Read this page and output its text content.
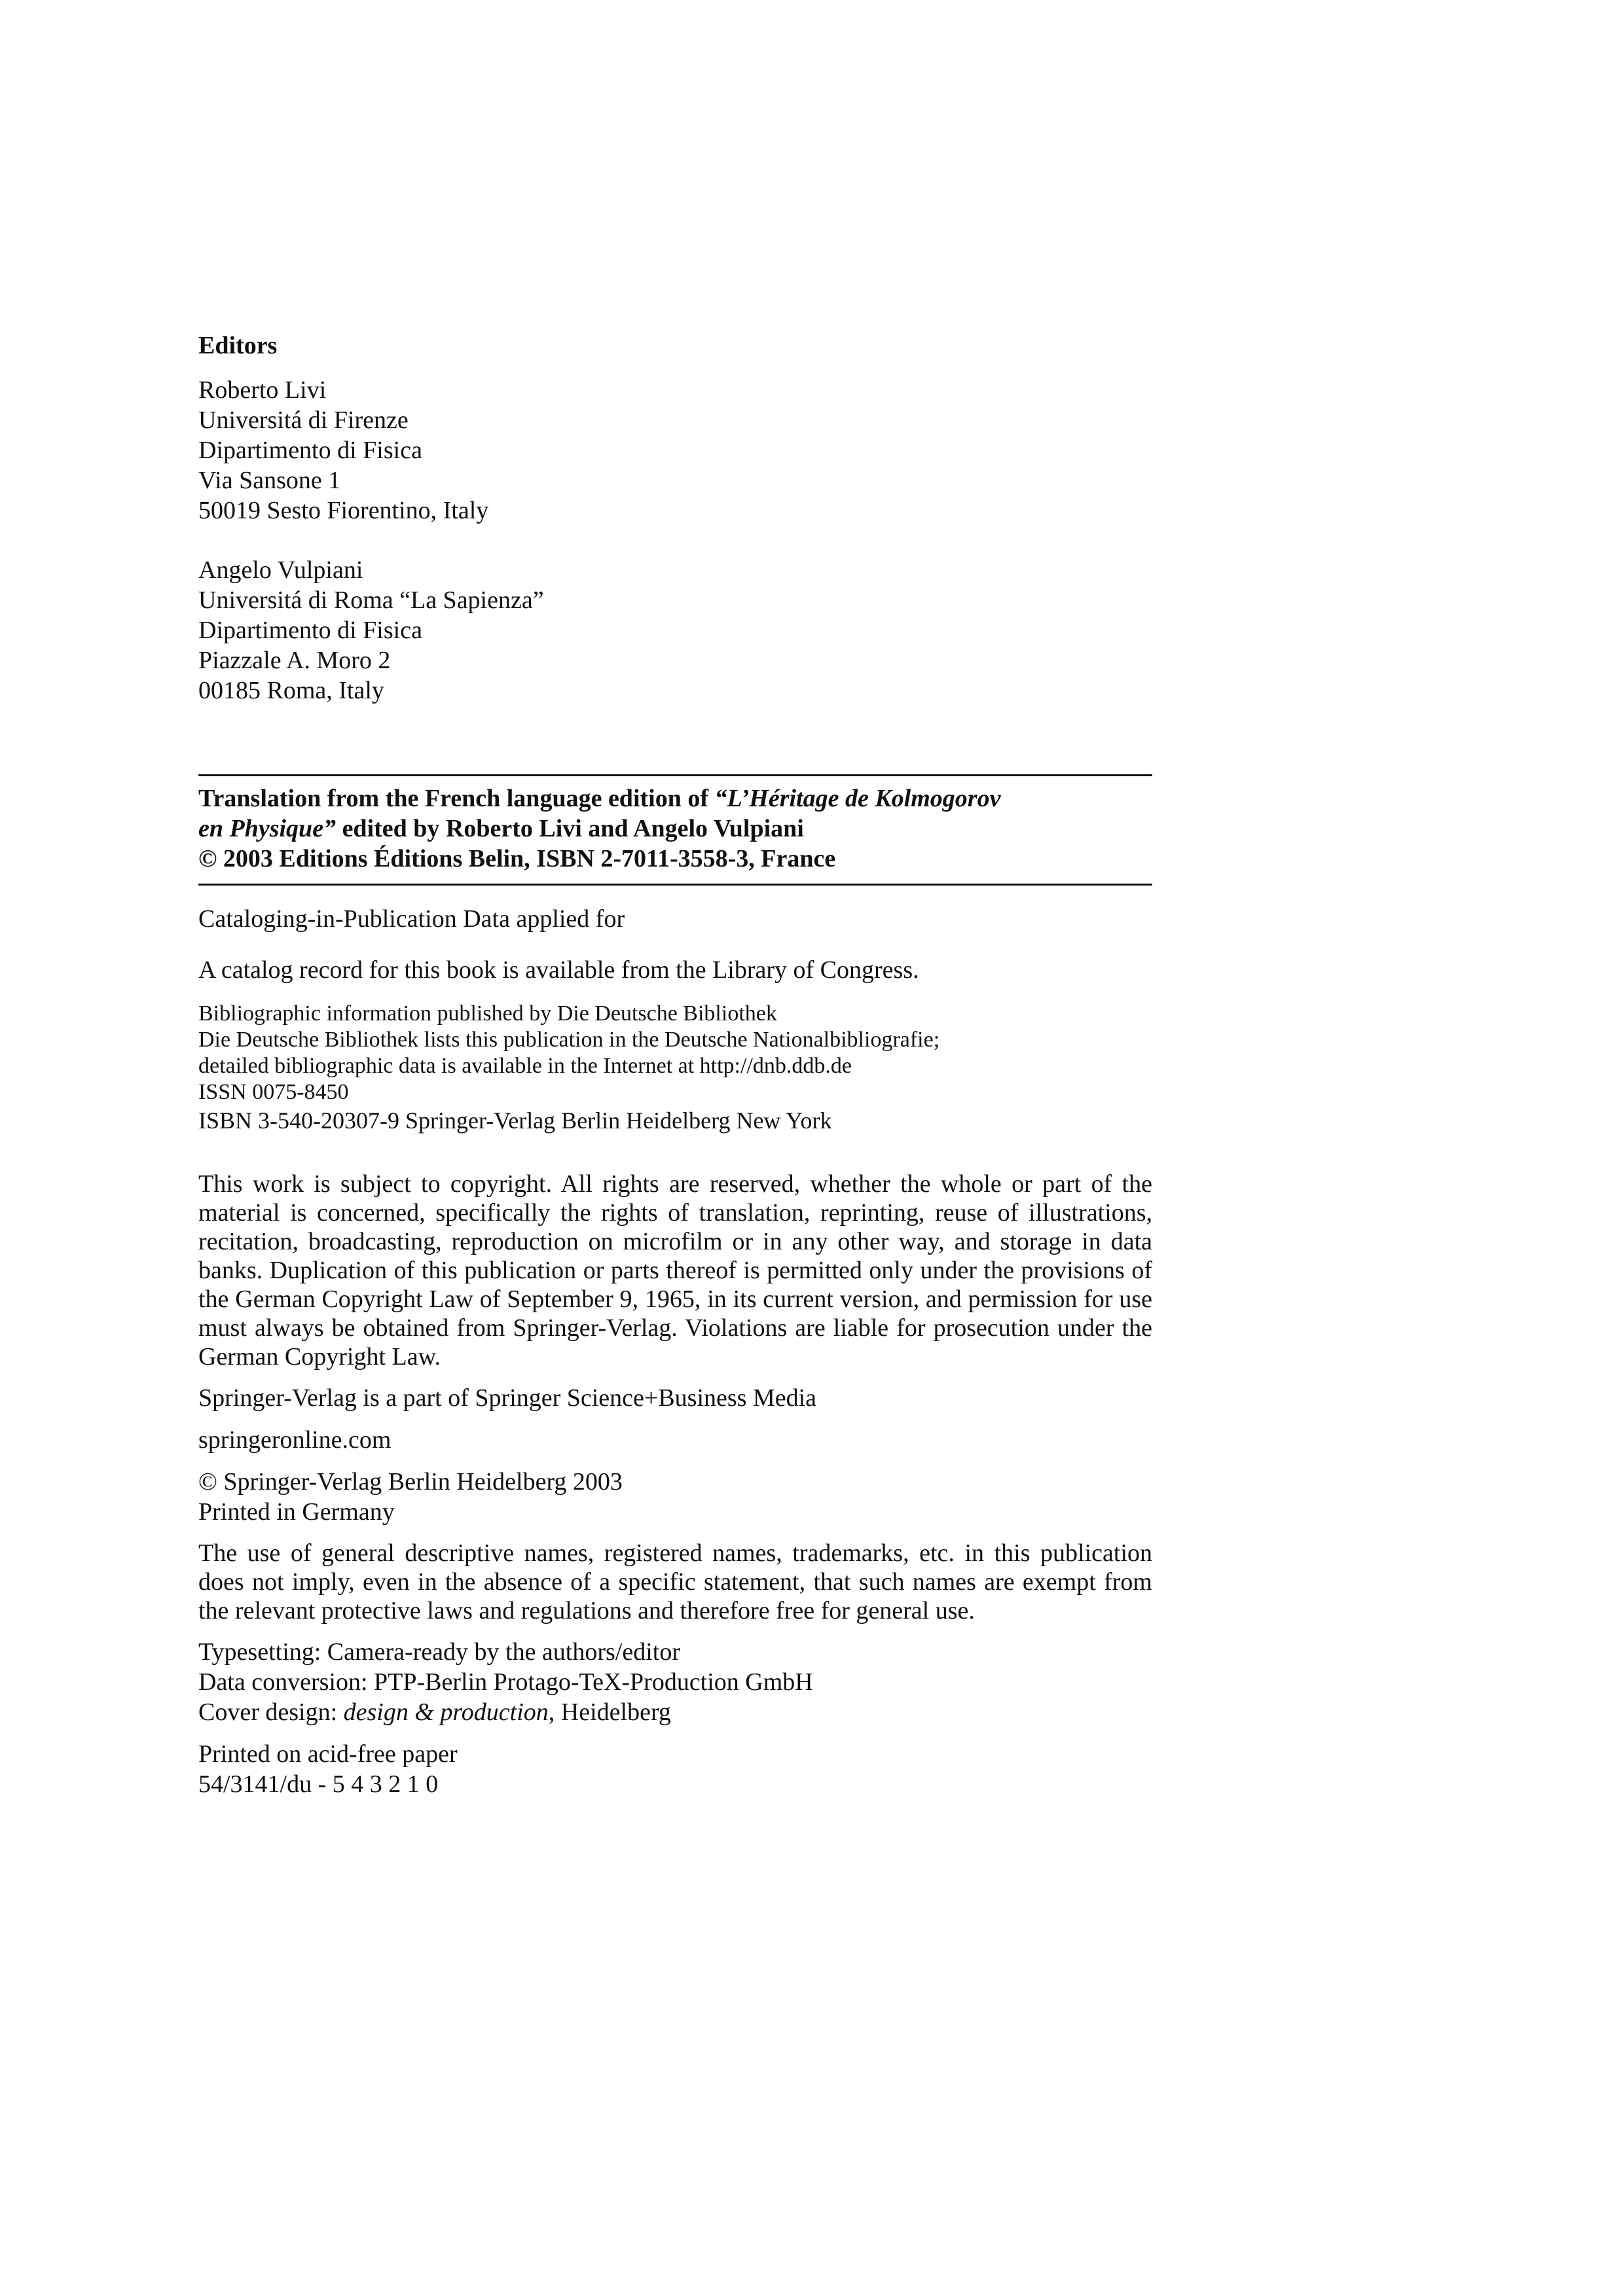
Editors
Roberto Livi
Universitá di Firenze
Dipartimento di Fisica
Via Sansone 1
50019 Sesto Fiorentino, Italy
Angelo Vulpiani
Universitá di Roma “La Sapienza”
Dipartimento di Fisica
Piazzale A. Moro 2
00185 Roma, Italy
Translation from the French language edition of “L’Héritage de Kolmogorov
en Physique” edited by Roberto Livi and Angelo Vulpiani
© 2003 Editions Éditions Belin, ISBN 2-7011-3558-3, France
Cataloging-in-Publication Data applied for
A catalog record for this book is available from the Library of Congress.
Bibliographic information published by Die Deutsche Bibliothek
Die Deutsche Bibliothek lists this publication in the Deutsche Nationalbibliografie;
detailed bibliographic data is available in the Internet at http://dnb.ddb.de
ISSN 0075-8450
ISBN 3-540-20307-9 Springer-Verlag Berlin Heidelberg New York
This work is subject to copyright. All rights are reserved, whether the whole or part of the material is concerned, specifically the rights of translation, reprinting, reuse of illustrations, recitation, broadcasting, reproduction on microfilm or in any other way, and storage in data banks. Duplication of this publication or parts thereof is permitted only under the provisions of the German Copyright Law of September 9, 1965, in its current version, and permission for use must always be obtained from Springer-Verlag. Violations are liable for prosecution under the German Copyright Law.
Springer-Verlag is a part of Springer Science+Business Media
springeronline.com
© Springer-Verlag Berlin Heidelberg 2003
Printed in Germany
The use of general descriptive names, registered names, trademarks, etc. in this publication does not imply, even in the absence of a specific statement, that such names are exempt from the relevant protective laws and regulations and therefore free for general use.
Typesetting: Camera-ready by the authors/editor
Data conversion: PTP-Berlin Protago-TeX-Production GmbH
Cover design: design & production, Heidelberg
Printed on acid-free paper
54/3141/du - 5 4 3 2 1 0
